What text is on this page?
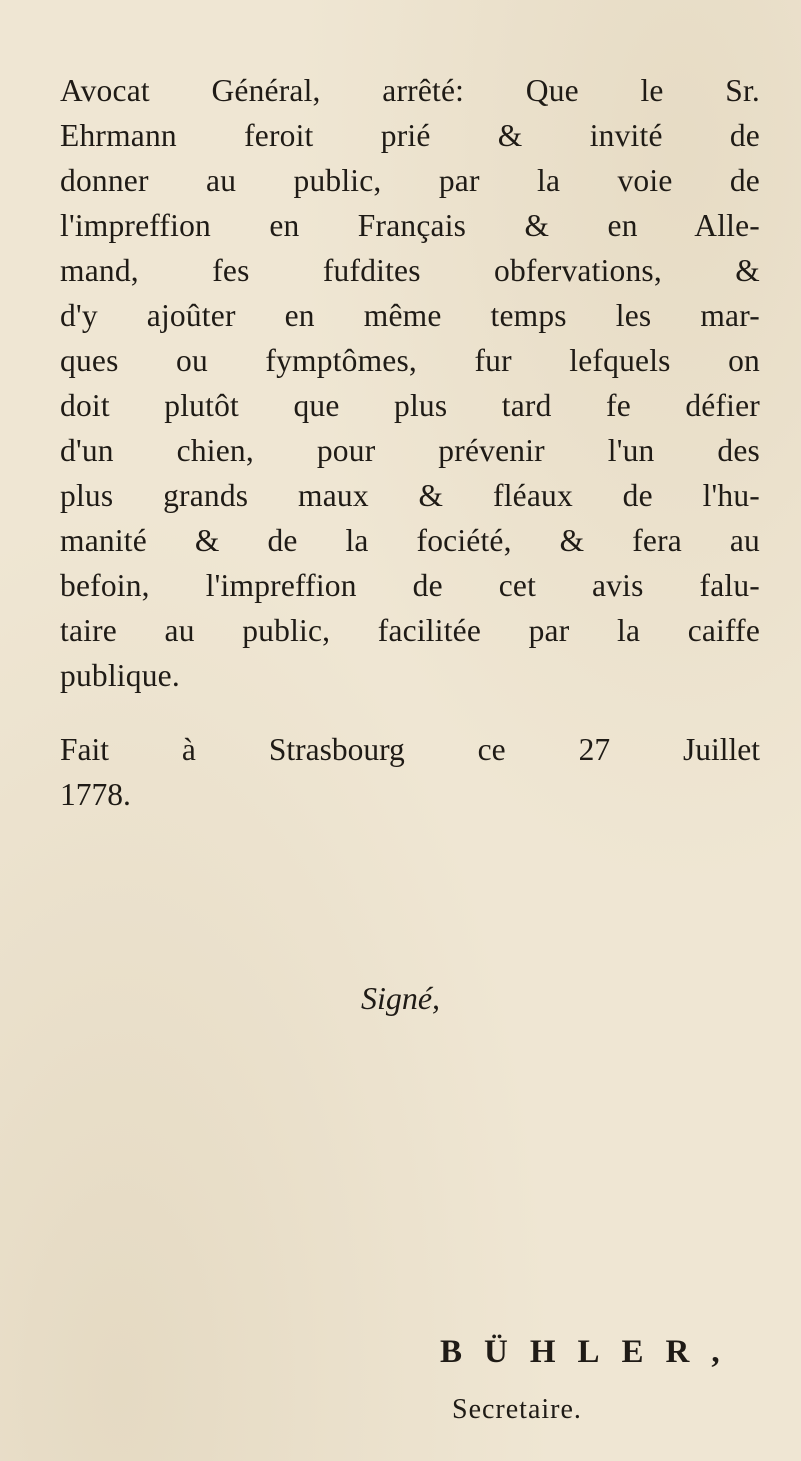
Avocat Général, arrêté: Que le Sr.
Ehrmann feroit prié & invité de
donner au public, par la voie de
l'impreffion en Français & en Alle-
mand, fes fufdites obfervations, &
d'y ajoûter en même temps les mar-
ques ou fymptômes, fur lefquels on
doit plutôt que plus tard fe défier
d'un chien, pour prévenir l'un des
plus grands maux & fléaux de l'hu-
manité & de la fociété, & fera au
befoin, l'impreffion de cet avis falu-
taire au public, facilitée par la caiffe
publique.
Fait à Strasbourg ce 27 Juillet
1778.
Signé,
BÜHLER,
Secretaire.
